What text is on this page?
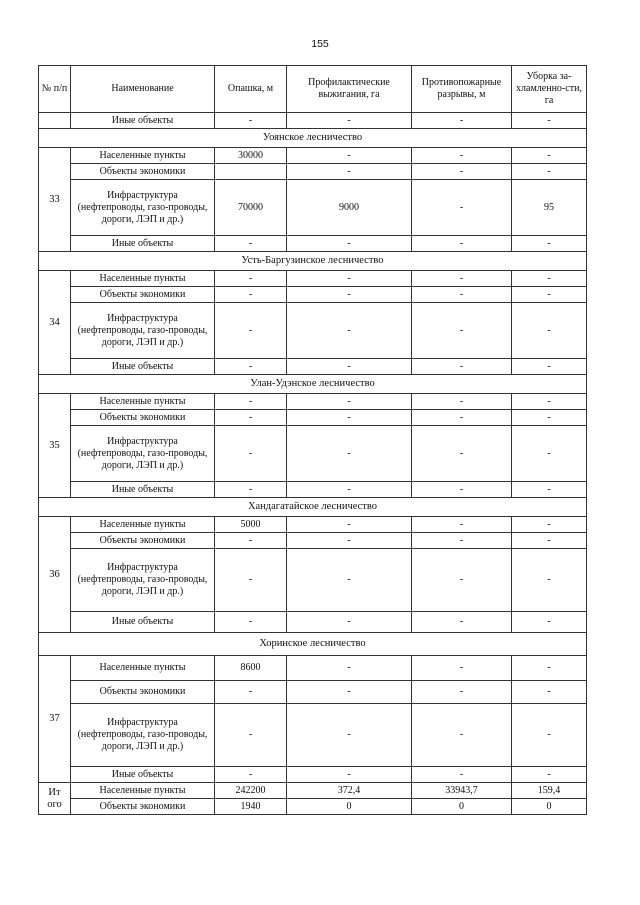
155
№ п/п	Наименование	Опашка, м	Профилактические выжигания, га	Противопожарные разрывы, м	Уборка за-хламленно-сти, га
	Иные объекты	-	-	-	-
Уоянское лесничество					
33	Населенные пункты	30000	-	-	-
	Объекты экономики		-	-	-
	Инфраструктура (нефтепроводы, газо-проводы, дороги, ЛЭП и др.)	70000	9000	-	95
	Иные объекты	-	-	-	-
Усть-Баргузинское лесничество					
34	Населенные пункты	-	-	-	-
	Объекты экономики	-	-	-	-
	Инфраструктура (нефтепроводы, газо-проводы, дороги, ЛЭП и др.)	-	-	-	-
	Иные объекты	-	-	-	-
Улан-Удэнское лесничество					
35	Населенные пункты	-	-	-	-
	Объекты экономики	-	-	-	-
	Инфраструктура (нефтепроводы, газо-проводы, дороги, ЛЭП и др.)	-	-	-	-
	Иные объекты	-	-	-	-
Хандагатайское лесничество					
36	Населенные пункты	5000	-	-	-
	Объекты экономики	-	-	-	-
	Инфраструктура (нефтепроводы, газо-проводы, дороги, ЛЭП и др.)	-	-	-	-
	Иные объекты	-	-	-	-
Хоринское лесничество					
37	Населенные пункты	8600	-	-	-
	Объекты экономики	-	-	-	-
	Инфраструктура (нефтепроводы, газо-проводы, дороги, ЛЭП и др.)	-	-	-	-
	Иные объекты	-	-	-	-
Ит ого	Населенные пункты	242200	372,4	33943,7	159,4
	Объекты экономики	1940	0	0	0
